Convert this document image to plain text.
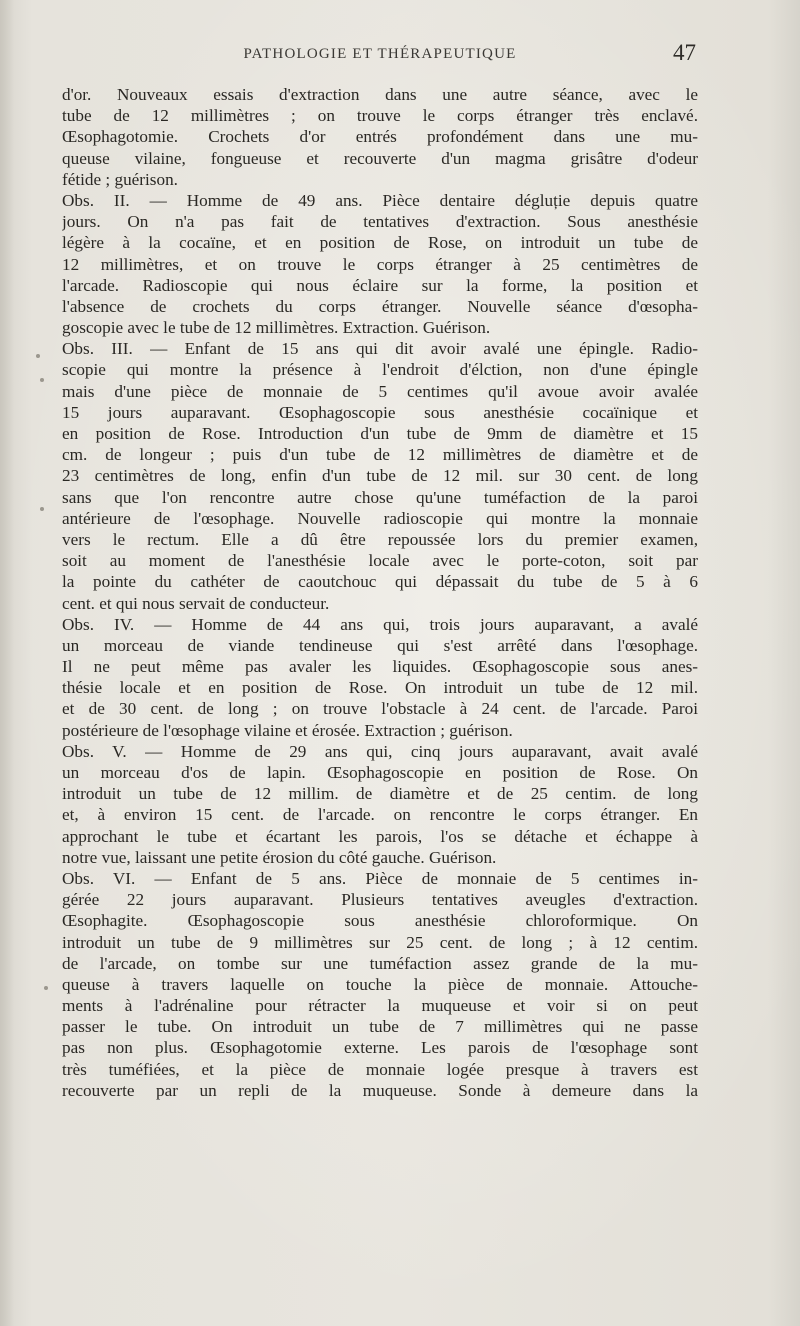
PATHOLOGIE ET THÉRAPEUTIQUE	47
d'or. Nouveaux essais d'extraction dans une autre séance, avec le
tube de 12 millimètres ; on trouve le corps étranger très enclavé.
Œsophagotomie. Crochets d'or entrés profondément dans une mu-
queuse vilaine, fongueuse et recouverte d'un magma grisâtre d'odeur
fétide ; guérison.
Obs. II. — Homme de 49 ans. Pièce dentaire dégluție depuis quatre
jours. On n'a pas fait de tentatives d'extraction. Sous anesthésie
légère à la cocaïne, et en position de Rose, on introduit un tube de
12 millimètres, et on trouve le corps étranger à 25 centimètres de
l'arcade. Radioscopie qui nous éclaire sur la forme, la position et
l'absence de crochets du corps étranger. Nouvelle séance d'œsopha-
goscopie avec le tube de 12 millimètres. Extraction. Guérison.
Obs. III. — Enfant de 15 ans qui dit avoir avalé une épingle. Radio-
scopie qui montre la présence à l'endroit d'élction, non d'une épingle
mais d'une pièce de monnaie de 5 centimes qu'il avoue avoir avalée
15 jours auparavant. Œsophagoscopie sous anesthésie cocaïnique et
en position de Rose. Introduction d'un tube de 9mm de diamètre et 15
cm. de longeur ; puis d'un tube de 12 millimètres de diamètre et de
23 centimètres de long, enfin d'un tube de 12 mil. sur 30 cent. de long
sans que l'on rencontre autre chose qu'une tuméfaction de la paroi
antérieure de l'œsophage. Nouvelle radioscopie qui montre la monnaie
vers le rectum. Elle a dû être repoussée lors du premier examen,
soit au moment de l'anesthésie locale avec le porte-coton, soit par
la pointe du cathéter de caoutchouc qui dépassait du tube de 5 à 6
cent. et qui nous servait de conducteur.
Obs. IV. — Homme de 44 ans qui, trois jours auparavant, a avalé
un morceau de viande tendineuse qui s'est arrêté dans l'œsophage.
Il ne peut même pas avaler les liquides. Œsophagoscopie sous anes-
thésie locale et en position de Rose. On introduit un tube de 12 mil.
et de 30 cent. de long ; on trouve l'obstacle à 24 cent. de l'arcade. Paroi
postérieure de l'œsophage vilaine et érosée. Extraction ; guérison.
Obs. V. — Homme de 29 ans qui, cinq jours auparavant, avait avalé
un morceau d'os de lapin. Œsophagoscopie en position de Rose. On
introduit un tube de 12 millim. de diamètre et de 25 centim. de long
et, à environ 15 cent. de l'arcade. on rencontre le corps étranger. En
approchant le tube et écartant les parois, l'os se détache et échappe à
notre vue, laissant une petite érosion du côté gauche. Guérison.
Obs. VI. — Enfant de 5 ans. Pièce de monnaie de 5 centimes in-
gérée 22 jours auparavant. Plusieurs tentatives aveugles d'extraction.
Œsophagite. Œsophagoscopie sous anesthésie chloroformique. On
introduit un tube de 9 millimètres sur 25 cent. de long ; à 12 centim.
de l'arcade, on tombe sur une tuméfaction assez grande de la mu-
queuse à travers laquelle on touche la pièce de monnaie. Attouche-
ments à l'adrénaline pour rétracter la muqueuse et voir si on peut
passer le tube. On introduit un tube de 7 millimètres qui ne passe
pas non plus. Œsophagotomie externe. Les parois de l'œsophage sont
très tuméfiées, et la pièce de monnaie logée presque à travers est
recouverte par un repli de la muqueuse. Sonde à demeure dans la
